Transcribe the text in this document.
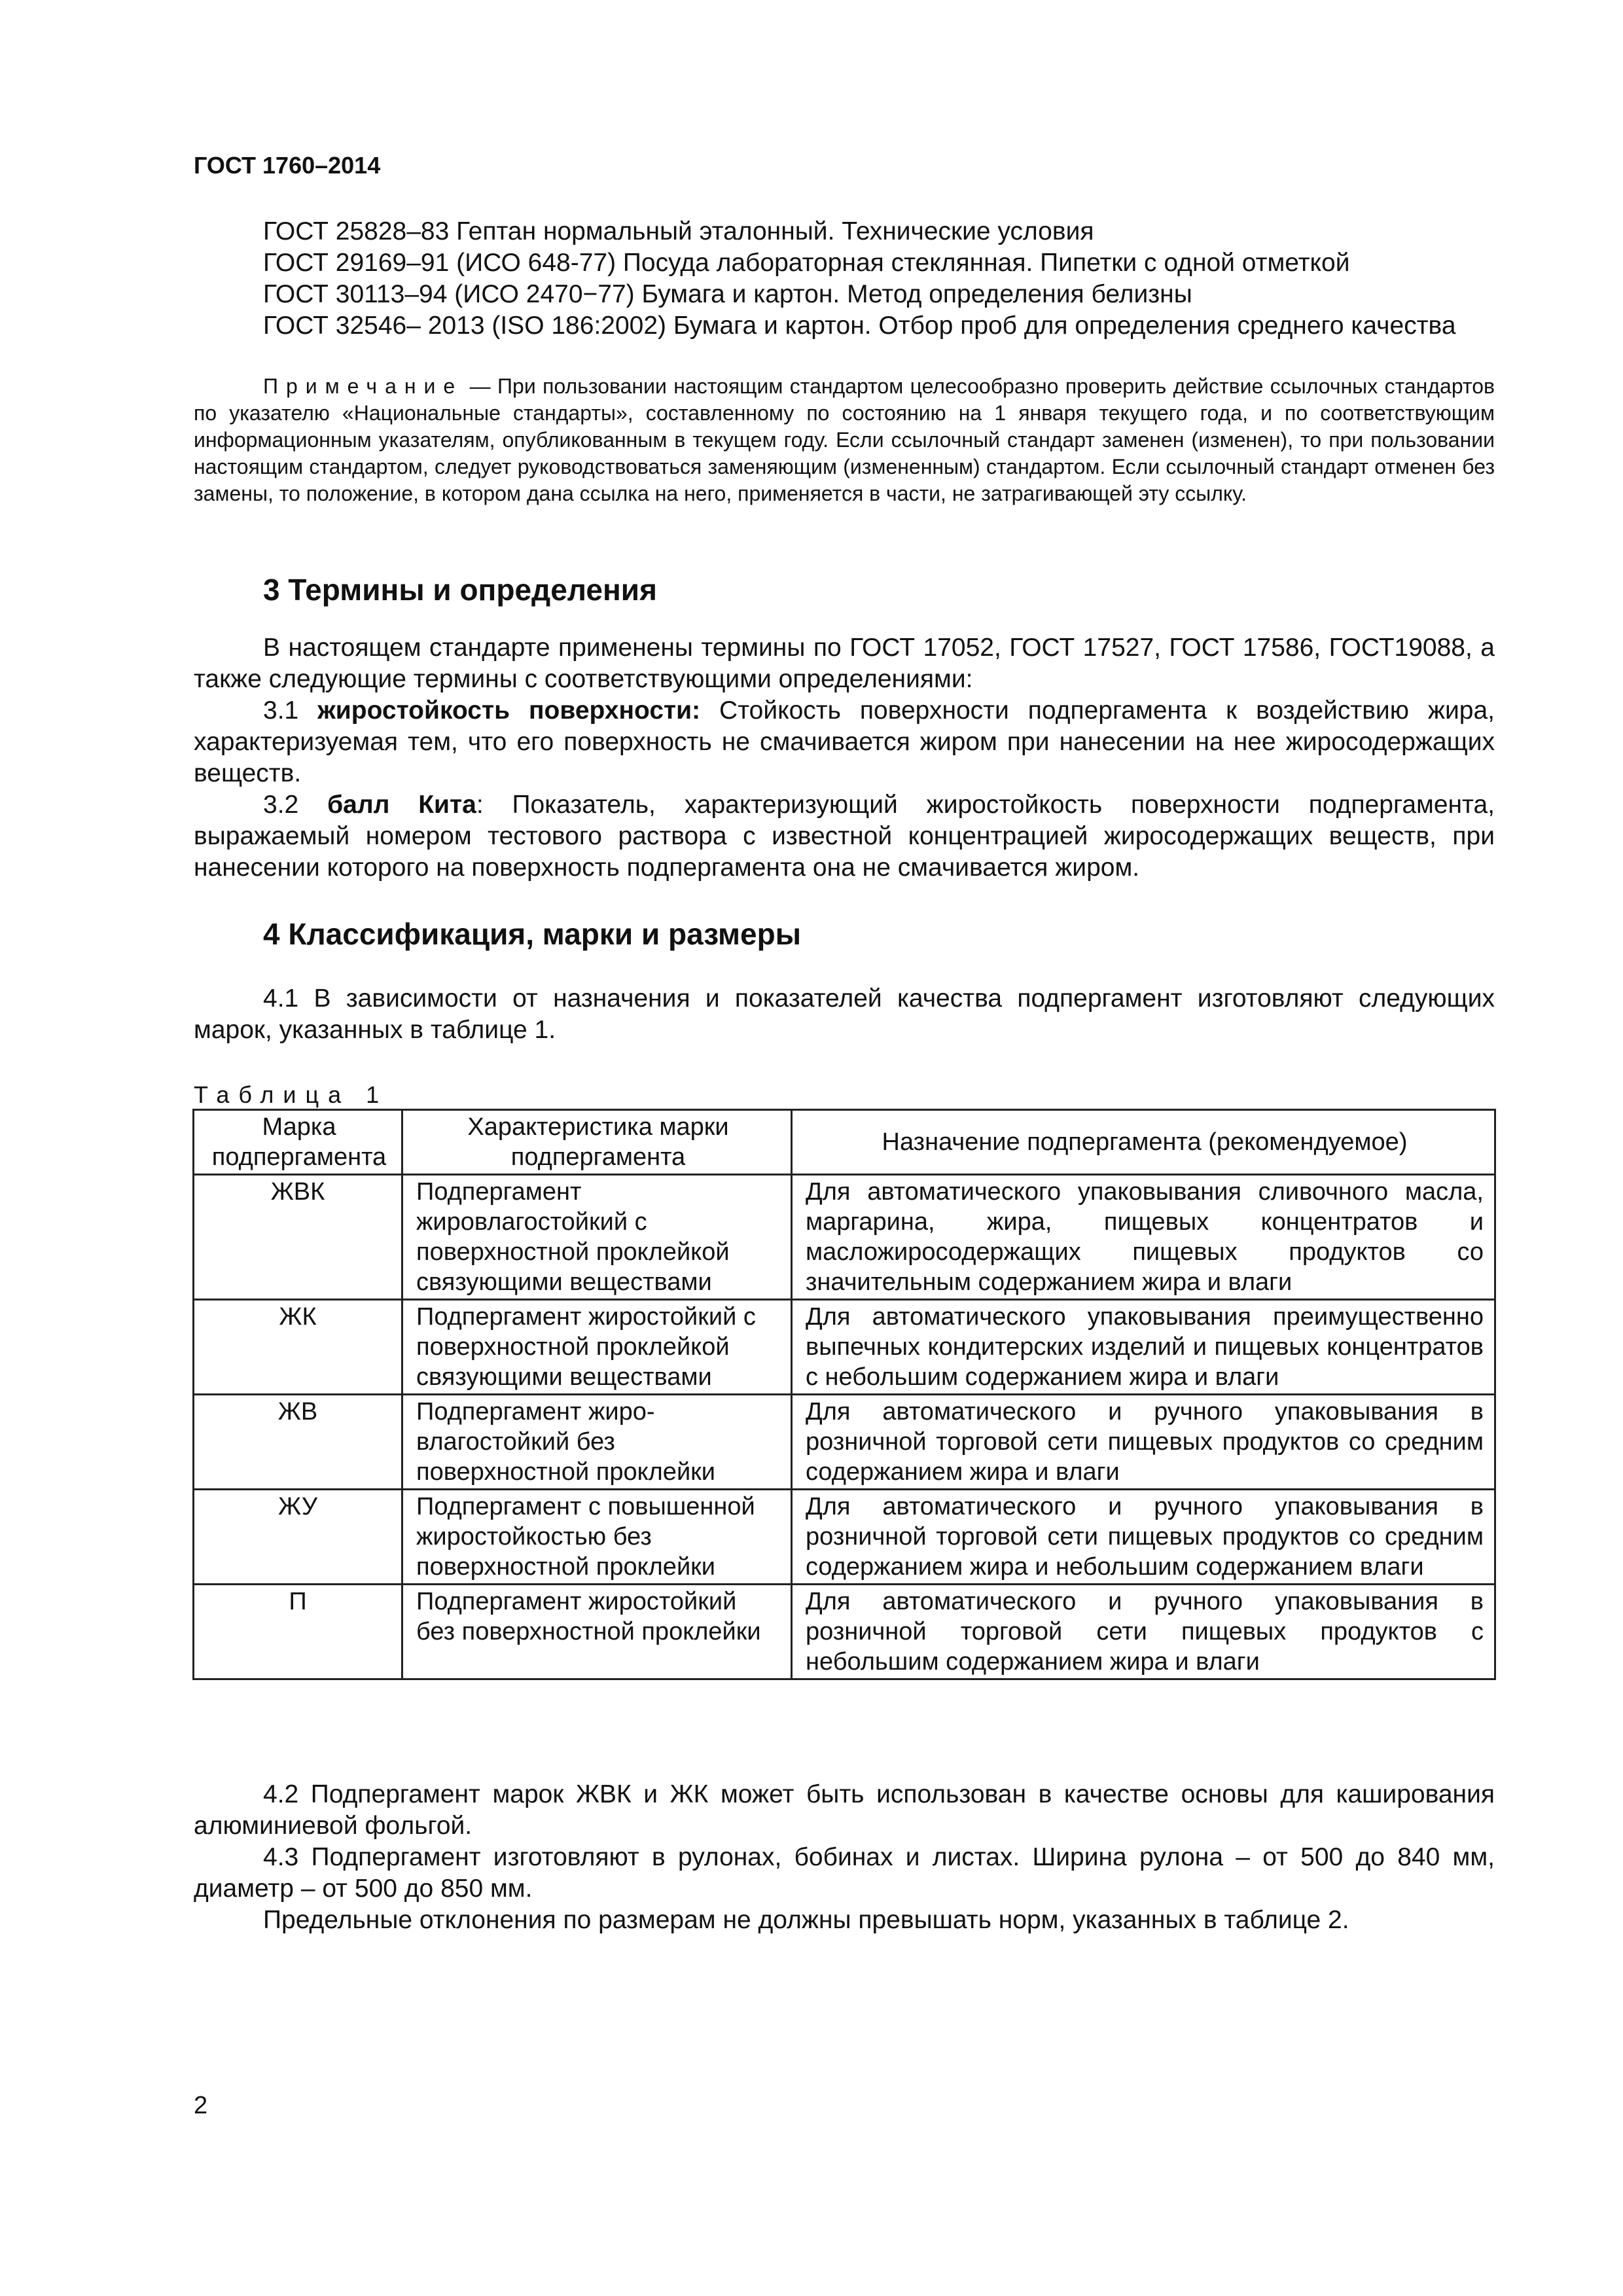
ГОСТ 1760–2014

ГОСТ 25828–83 Гептан нормальный эталонный. Технические условия

ГОСТ 29169–91 (ИСО 648-77) Посуда лабораторная стеклянная. Пипетки с одной отметкой

ГОСТ 30113–94 (ИСО 2470−77) Бумага и картон. Метод определения белизны

ГОСТ 32546– 2013 (ISO 186:2002) Бумага и картон. Отбор проб для определения среднего качества

Примечание — При пользовании настоящим стандартом целесообразно проверить действие ссылочных стандартов по указателю «Национальные стандарты», составленному по состоянию на 1 января текущего года, и по соответствующим информационным указателям, опубликованным в текущем году. Если ссылочный стандарт заменен (изменен), то при пользовании настоящим стандартом, следует руководствоваться заменяющим (измененным) стандартом. Если ссылочный стандарт отменен без замены, то положение, в котором дана ссылка на него, применяется в части, не затрагивающей эту ссылку.

3 Термины и определения

В настоящем стандарте применены термины по ГОСТ 17052, ГОСТ 17527, ГОСТ 17586, ГОСТ19088, а также следующие термины с соответствующими определениями:

3.1 жиростойкость поверхности: Стойкость поверхности подпергамента к воздействию жира, характеризуемая тем, что его поверхность не смачивается жиром при нанесении на нее жиросодержащих веществ.

3.2 балл Кита: Показатель, характеризующий жиростойкость поверхности подпергамента, выражаемый номером тестового раствора с известной концентрацией жиросодержащих веществ, при нанесении которого на поверхность подпергамента она не смачивается жиром.

4 Классификация, марки и размеры

4.1 В зависимости от назначения и показателей качества подпергамент изготовляют следующих марок, указанных в таблице 1.

Таблица 1
Марка подпергамента	Характеристика марки подпергамента	Назначение подпергамента (рекомендуемое)
ЖВК	Подпергамент жировлагостойкий с поверхностной проклейкой связующими веществами	Для автоматического упаковывания сливочного масла, маргарина, жира, пищевых концентратов и масложиросодержащих пищевых продуктов со значительным содержанием жира и влаги
ЖК	Подпергамент жиростойкий с поверхностной проклейкой связующими веществами	Для автоматического упаковывания преимущественно выпечных кондитерских изделий и пищевых концентратов с небольшим содержанием жира и влаги
ЖВ	Подпергамент жиро-влагостойкий без поверхностной проклейки	Для автоматического и ручного упаковывания в розничной торговой сети пищевых продуктов со средним содержанием жира и влаги
ЖУ	Подпергамент с повышенной жиростойкостью без поверхностной проклейки	Для автоматического и ручного упаковывания в розничной торговой сети пищевых продуктов со средним содержанием жира и небольшим содержанием влаги
П	Подпергамент жиростойкий без поверхностной проклейки	Для автоматического и ручного упаковывания в розничной торговой сети пищевых продуктов с небольшим содержанием жира и влаги

4.2 Подпергамент марок ЖВК и ЖК может быть использован в качестве основы для каширования алюминиевой фольгой.

4.3 Подпергамент изготовляют в рулонах, бобинах и листах. Ширина рулона – от 500 до 840 мм, диаметр – от 500 до 850 мм.

Предельные отклонения по размерам не должны превышать норм, указанных в таблице 2.

2
